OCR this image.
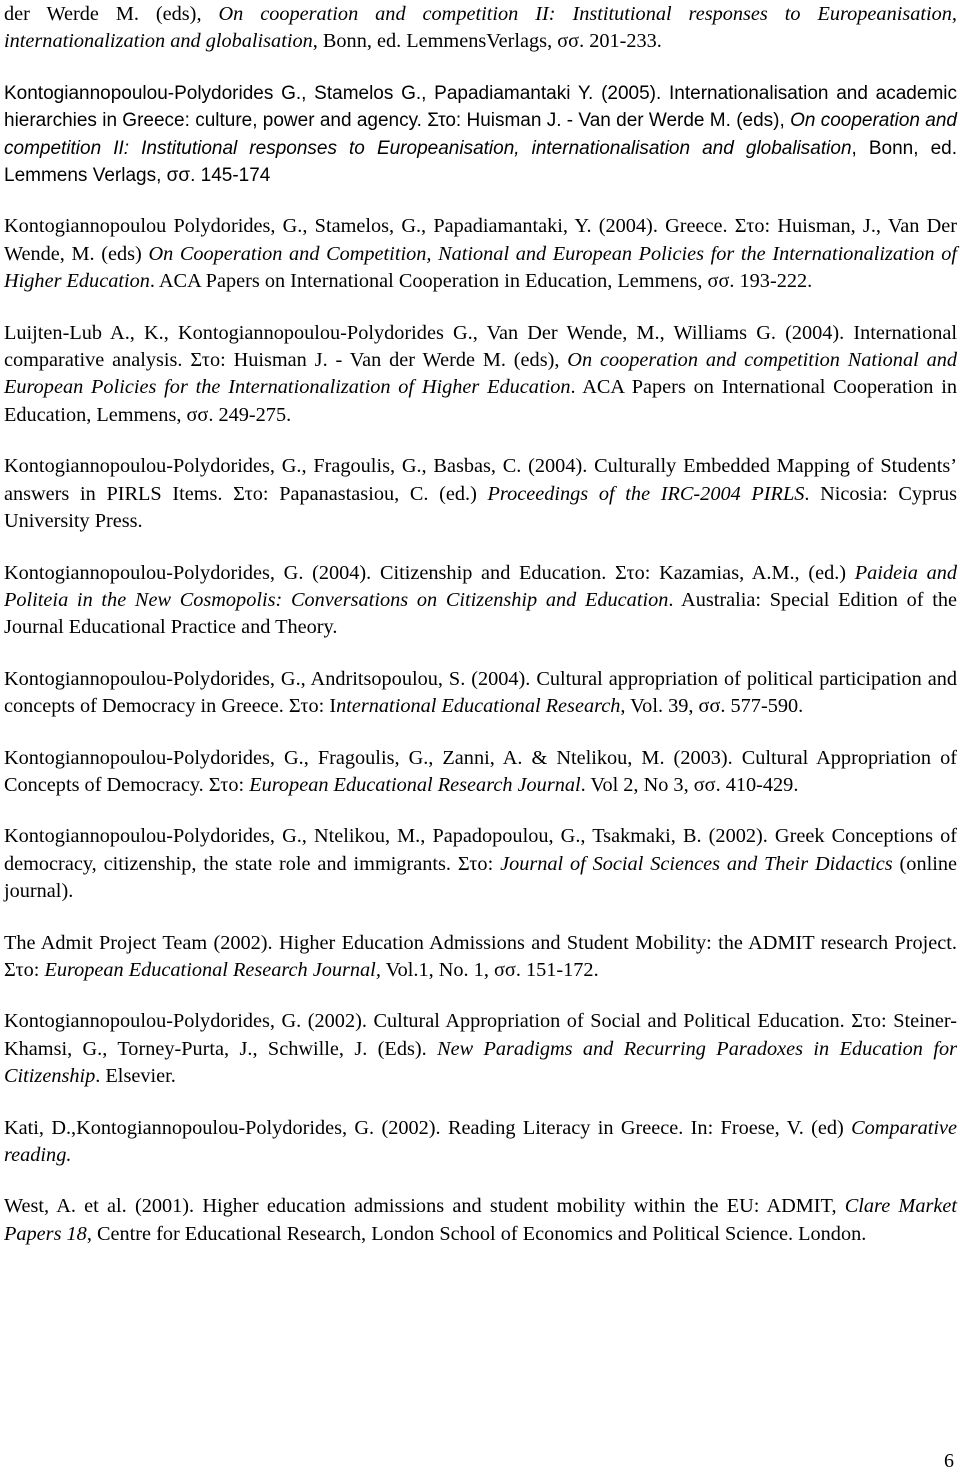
der Werde M. (eds), On cooperation and competition II: Institutional responses to Europeanisation, internationalization and globalisation, Bonn, ed. LemmensVerlags, σσ. 201-233.

Kontogiannopoulou-Polydorides G., Stamelos G., Papadiamantaki Y. (2005). Internationalisation and academic hierarchies in Greece: culture, power and agency. Στο: Huisman J. - Van der Werde M. (eds), On cooperation and competition II: Institutional responses to Europeanisation, internationalisation and globalisation, Bonn, ed. Lemmens Verlags, σσ. 145-174

Kontogiannopoulou Polydorides, G., Stamelos, G., Papadiamantaki, Y. (2004). Greece. Στο: Huisman, J., Van Der Wende, M. (eds) On Cooperation and Competition, National and European Policies for the Internationalization of Higher Education. ACA Papers on International Cooperation in Education, Lemmens, σσ. 193-222.

Luijten-Lub A., K., Kontogiannopoulou-Polydorides G., Van Der Wende, M., Williams G. (2004). International comparative analysis. Στο: Huisman J. - Van der Werde M. (eds), On cooperation and competition National and European Policies for the Internationalization of Higher Education. ACA Papers on International Cooperation in Education, Lemmens, σσ. 249-275.

Kontogiannopoulou-Polydorides, G., Fragoulis, G., Basbas, C. (2004). Culturally Embedded Mapping of Students’ answers in PIRLS Items. Στο: Papanastasiou, C. (ed.) Proceedings of the IRC-2004 PIRLS. Nicosia: Cyprus University Press.

Kontogiannopoulou-Polydorides, G. (2004). Citizenship and Education. Στο: Kazamias, A.M., (ed.) Paideia and Politeia in the New Cosmopolis: Conversations on Citizenship and Education. Australia: Special Edition of the Journal Educational Practice and Theory.

Kontogiannopoulou-Polydorides, G., Andritsopoulou, S. (2004). Cultural appropriation of political participation and concepts of Democracy in Greece. Στο: International Educational Research, Vol. 39, σσ. 577-590.

Kontogiannopoulou-Polydorides, G., Fragoulis, G., Zanni, A. & Ntelikou, M. (2003). Cultural Appropriation of Concepts of Democracy. Στο: European Educational Research Journal. Vol 2, No 3, σσ. 410-429.

Kontogiannopoulou-Polydorides, G., Ntelikou, M., Papadopoulou, G., Tsakmaki, B. (2002). Greek Conceptions of democracy, citizenship, the state role and immigrants. Στο: Journal of Social Sciences and Their Didactics (online journal).

The Admit Project Team (2002). Higher Education Admissions and Student Mobility: the ADMIT research Project. Στο: European Educational Research Journal, Vol.1, No. 1, σσ. 151-172.

Kontogiannopoulou-Polydorides, G. (2002). Cultural Appropriation of Social and Political Education. Στο: Steiner-Khamsi, G., Torney-Purta, J., Schwille, J. (Eds). New Paradigms and Recurring Paradoxes in Education for Citizenship. Elsevier.

Kati, D.,Kontogiannopoulou-Polydorides, G. (2002). Reading Literacy in Greece. In: Froese, V. (ed) Comparative reading.

West, A. et al. (2001). Higher education admissions and student mobility within the EU: ADMIT, Clare Market Papers 18, Centre for Educational Research, London School of Economics and Political Science. London.

6
